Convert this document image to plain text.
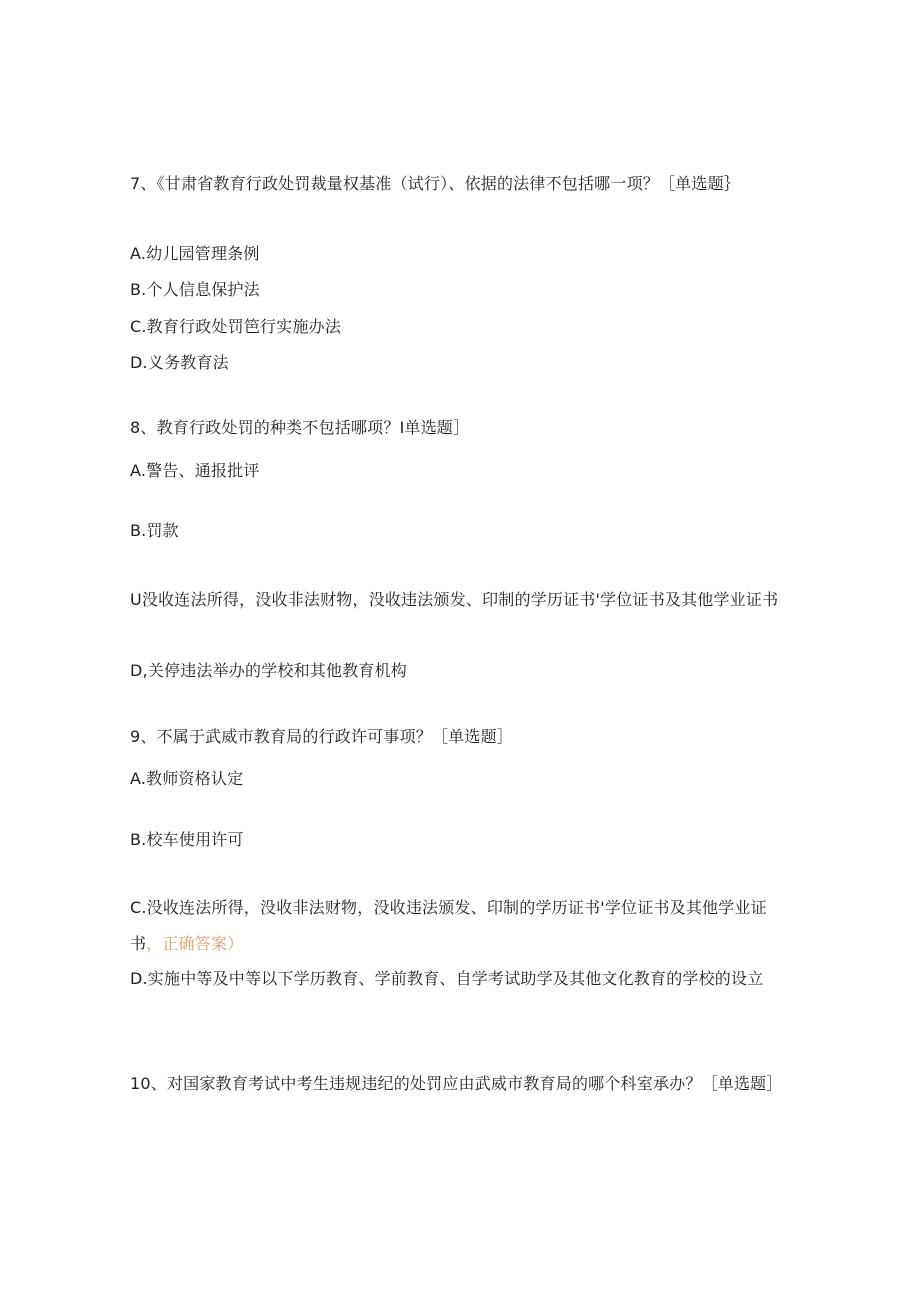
7、《甘肃省教育行政处罚裁量权基准（试行）、依据的法律不包括哪一项？［单选题｝
A.幼儿园管理条例
B.个人信息保护法
C.教育行政处罚笆行实施办法
D.义务教育法
8、教育行政处罚的种类不包括哪项？I单选题］
A.警告、通报批评
B.罚款
U没收连法所得，没收非法财物，没收违法颁发、印制的学历证书'学位证书及其他学业证书
D,关停违法举办的学校和其他教育机构
9、不属于武威市教育局的行政许可事项？［单选题］
A.教师资格认定
B.校车使用许可
C.没收连法所得，没收非法财物，没收违法颁发、印制的学历证书'学位证书及其他学业证书，正确答案）
D.实施中等及中等以下学历教育、学前教育、自学考试助学及其他文化教育的学校的设立
10、对国家教育考试中考生违规违纪的处罚应由武威市教育局的哪个科室承办？［单选题］
